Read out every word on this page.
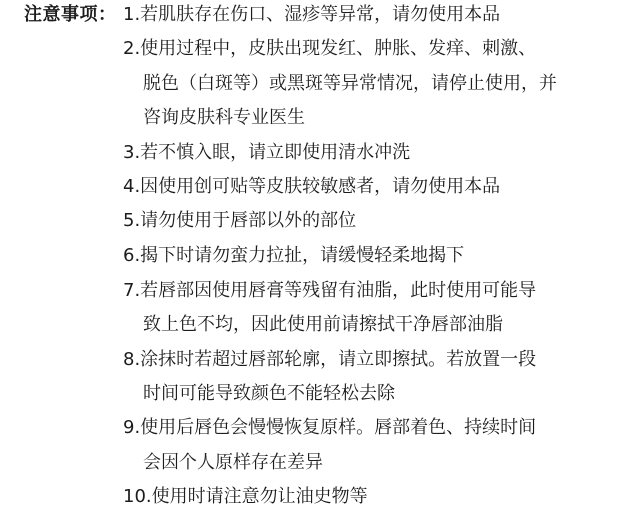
注意事项： 1.若肌肤存在伤口、湿疹等异常，请勿使用本品
2.使用过程中，皮肤出现发红、肿胀、发痒、刺激、
脱色（白斑等）或黑斑等异常情况，请停止使用，并
咨询皮肤科专业医生
3.若不慎入眼，请立即使用清水冲洗
4.因使用创可贴等皮肤较敏感者，请勿使用本品
5.请勿使用于唇部以外的部位
6.揭下时请勿蛮力拉扯，请缓慢轻柔地揭下
7.若唇部因使用唇膏等残留有油脂，此时使用可能导
致上色不均，因此使用前请擦拭干净唇部油脂
8.涂抹时若超过唇部轮廓，请立即擦拭。若放置一段
时间可能导致颜色不能轻松去除
9.使用后唇色会慢慢恢复原样。唇部着色、持续时间
会因个人原样存在差异
10.使用时请注意勿让油史物等
